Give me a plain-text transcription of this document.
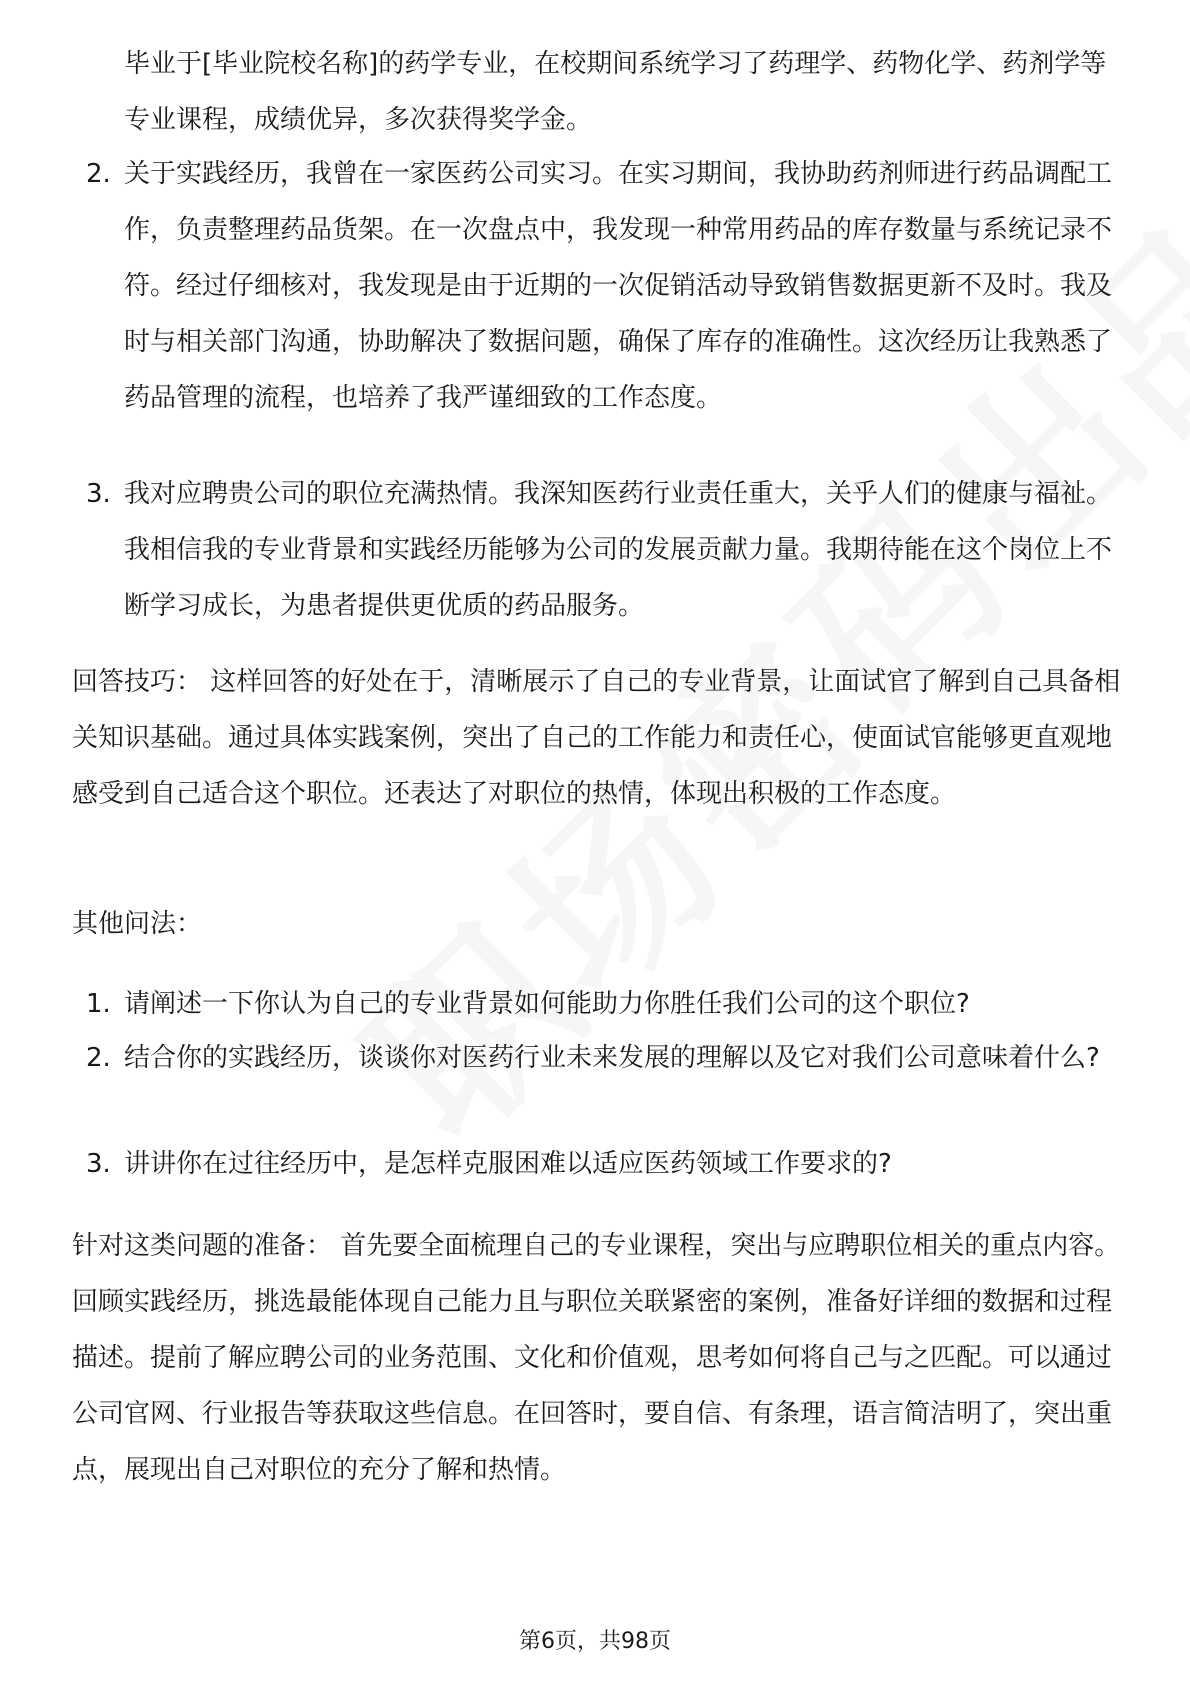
毕业于[毕业院校名称]的药学专业，在校期间系统学习了药理学、药物化学、药剂学等专业课程，成绩优异，多次获得奖学金。
2. 关于实践经历，我曾在一家医药公司实习。在实习期间，我协助药剂师进行药品调配工作，负责整理药品货架。在一次盘点中，我发现一种常用药品的库存数量与系统记录不符。经过仔细核对，我发现是由于近期的一次促销活动导致销售数据更新不及时。我及时与相关部门沟通，协助解决了数据问题，确保了库存的准确性。这次经历让我熟悉了药品管理的流程，也培养了我严谨细致的工作态度。
3. 我对应聘贵公司的职位充满热情。我深知医药行业责任重大，关乎人们的健康与福祉。我相信我的专业背景和实践经历能够为公司的发展贡献力量。我期待能在这个岗位上不断学习成长，为患者提供更优质的药品服务。

回答技巧： 这样回答的好处在于，清晰展示了自己的专业背景，让面试官了解到自己具备相关知识基础。通过具体实践案例，突出了自己的工作能力和责任心，使面试官能够更直观地感受到自己适合这个职位。还表达了对职位的热情，体现出积极的工作态度。

其他问法：
1. 请阐述一下你认为自己的专业背景如何能助力你胜任我们公司的这个职位?
2. 结合你的实践经历，谈谈你对医药行业未来发展的理解以及它对我们公司意味着什么?
3. 讲讲你在过往经历中，是怎样克服困难以适应医药领域工作要求的?

针对这类问题的准备： 首先要全面梳理自己的专业课程，突出与应聘职位相关的重点内容。回顾实践经历，挑选最能体现自己能力且与职位关联紧密的案例，准备好详细的数据和过程描述。提前了解应聘公司的业务范围、文化和价值观，思考如何将自己与之匹配。可以通过公司官网、行业报告等获取这些信息。在回答时，要自信、有条理，语言简洁明了，突出重点，展现出自己对职位的充分了解和热情。

第6页，共98页
